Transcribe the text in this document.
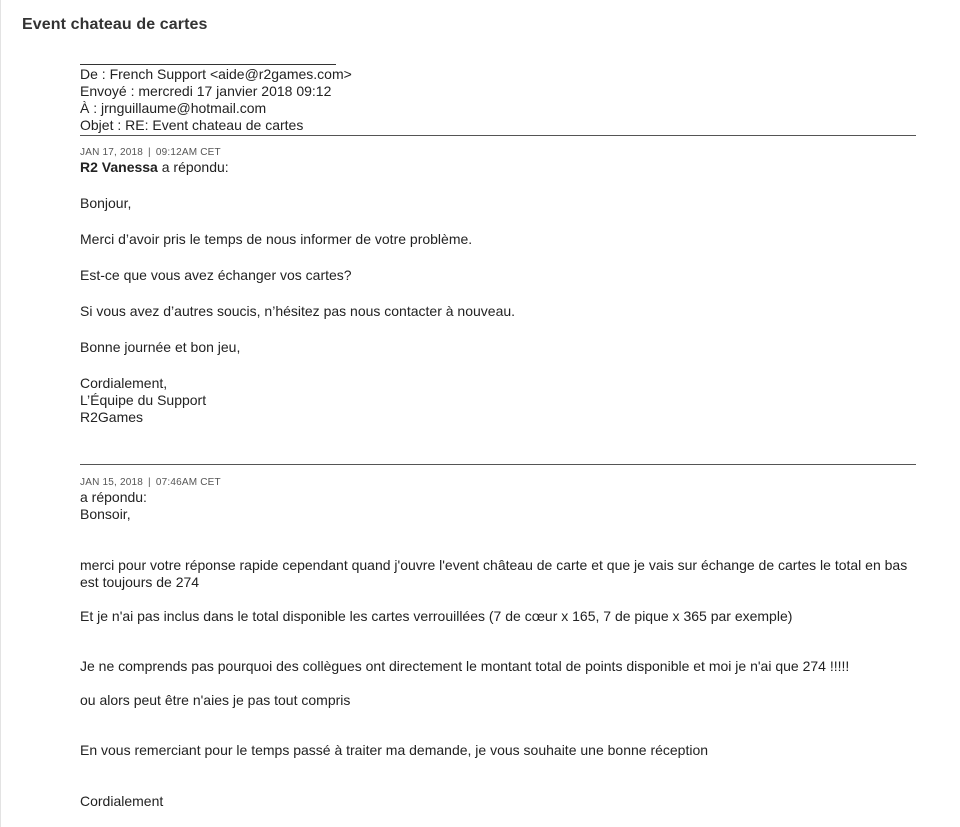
Event chateau de cartes
De : French Support <aide@r2games.com>
Envoyé : mercredi 17 janvier 2018 09:12
À : jrnguillaume@hotmail.com
Objet : RE: Event chateau de cartes
JAN 17, 2018 | 09:12AM CET
R2 Vanessa a répondu:

Bonjour,

Merci d’avoir pris le temps de nous informer de votre problème.

Est-ce que vous avez échanger vos cartes?

Si vous avez d’autres soucis, n’hésitez pas nous contacter à nouveau.

Bonne journée et bon jeu,

Cordialement,
L’Équipe du Support
R2Games
JAN 15, 2018 | 07:46AM CET
a répondu:
Bonsoir,

merci pour votre réponse rapide cependant quand j'ouvre l'event château de carte et que je vais sur échange de cartes le total en bas est toujours de 274

Et je n'ai pas inclus dans le total disponible les cartes verrouillées (7 de cœur x 165, 7 de pique x 365 par exemple)

Je ne comprends pas pourquoi des collègues ont directement le montant total de points disponible et moi je n'ai que 274 !!!!!

ou alors peut être n'aies je pas tout compris

En vous remerciant pour le temps passé à traiter ma demande, je vous souhaite une bonne réception

Cordialement
